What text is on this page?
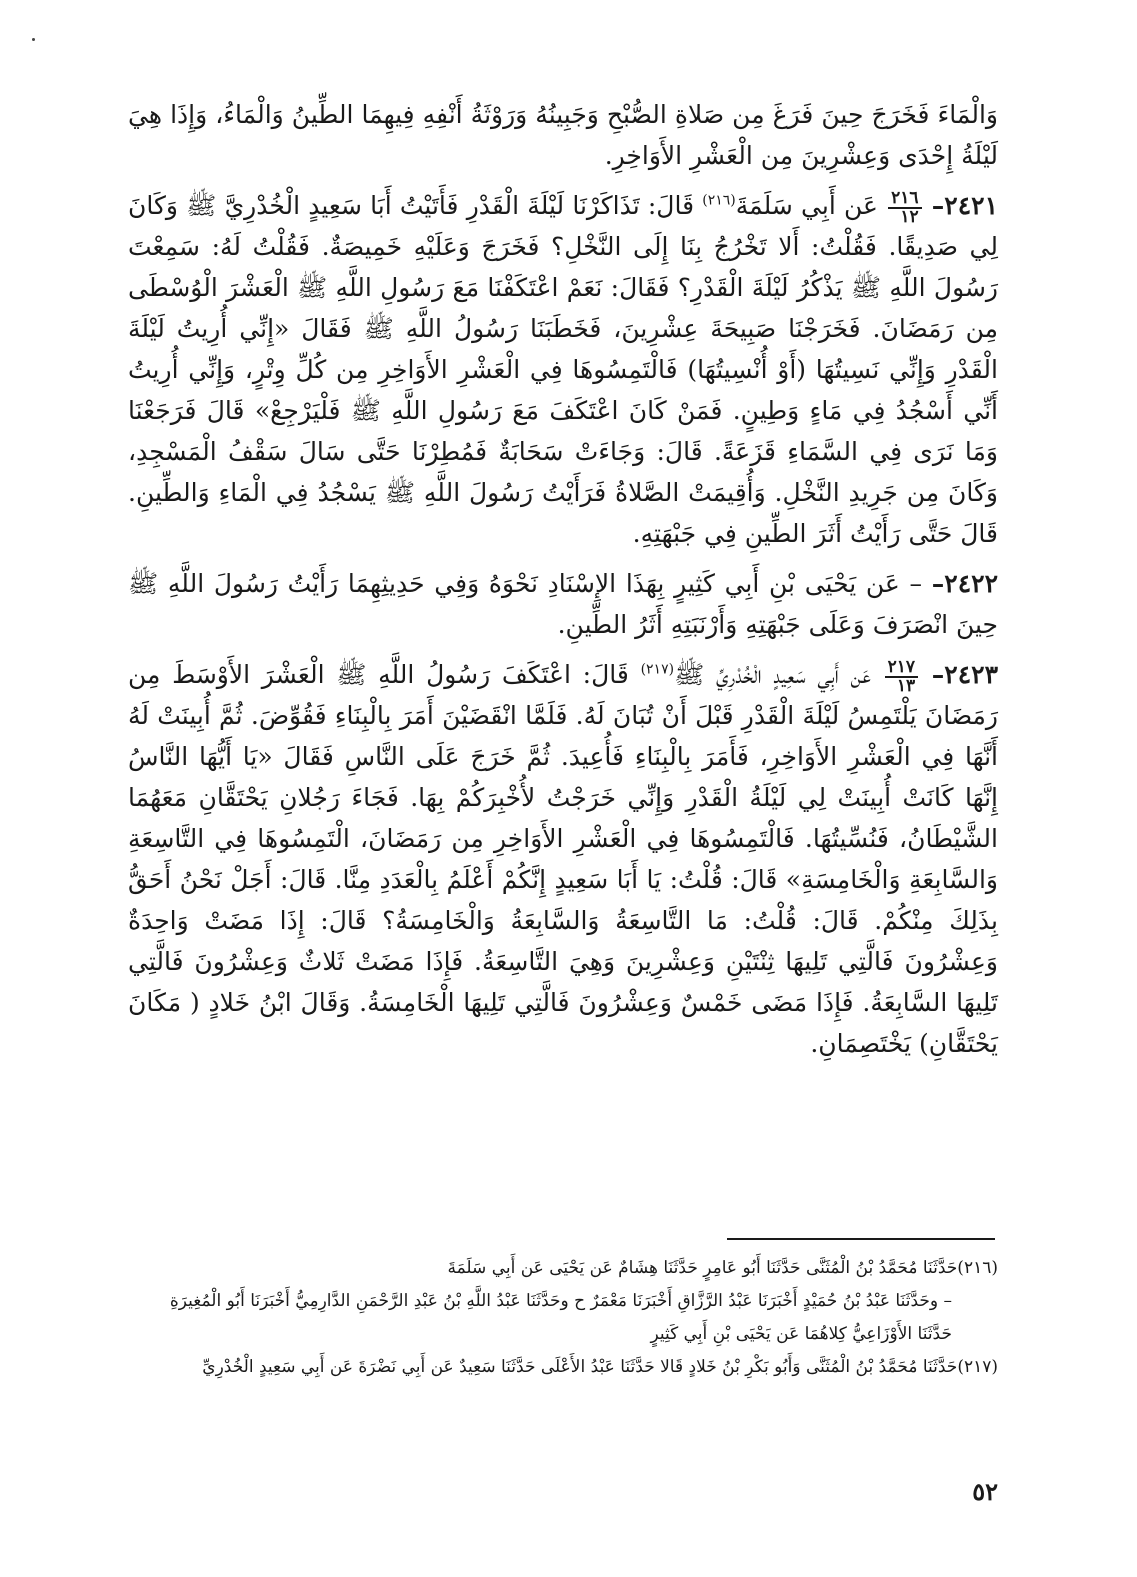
وَالْمَاءَ فَخَرَجَ حِينَ فَرَغَ مِن صَلاةِ الصُّبْحِ وَجَبِينُهُ وَرَوْثَةُ أَنْفِهِ فِيهِمَا الطِّينُ وَالْمَاءُ، وَإِذَا هِيَ لَيْلَةُ إِحْدَى وَعِشْرِينَ مِن الْعَشْرِ الأَوَاخِرِ.

٢٤٢١–
$\frac{٢١٦}{١٢}$
عَن أَبِي سَلَمَةَ$^{(٢١٦)}$ قَالَ: تَذَاكَرْنَا لَيْلَةَ الْقَدْرِ فَأَتَيْتُ أَبَا سَعِيدٍ الْخُدْرِيَّ ﷺ وَكَانَ لِي صَدِيقًا. فَقُلْتُ: أَلا تَخْرُجُ بِنَا إِلَى النَّخْلِ؟ فَخَرَجَ وَعَلَيْهِ خَمِيصَةٌ. فَقُلْتُ لَهُ: سَمِعْتَ رَسُولَ اللَّهِ ﷺ يَذْكُرُ لَيْلَةَ الْقَدْرِ؟ فَقَالَ: نَعَمْ اعْتَكَفْنَا مَعَ رَسُولِ اللَّهِ ﷺ الْعَشْرَ الْوُسْطَى مِن رَمَضَانَ. فَخَرَجْنَا صَبِيحَةَ عِشْرِينَ، فَخَطَبَنَا رَسُولُ اللَّهِ ﷺ فَقَالَ «إِنِّي أُرِيتُ لَيْلَةَ الْقَدْرِ وَإِنِّي نَسِيتُهَا (أَوْ أُنْسِيتُهَا) فَالْتَمِسُوهَا فِي الْعَشْرِ الأَوَاخِرِ مِن كُلِّ وِتْرٍ، وَإِنِّي أُرِيتُ أَنِّي أَسْجُدُ فِي مَاءٍ وَطِينٍ. فَمَنْ كَانَ اعْتَكَفَ مَعَ رَسُولِ اللَّهِ ﷺ فَلْيَرْجِعْ» قَالَ فَرَجَعْنَا وَمَا نَرَى فِي السَّمَاءِ قَزَعَةً. قَالَ: وَجَاءَتْ سَحَابَةٌ فَمُطِرْنَا حَتَّى سَالَ سَقْفُ الْمَسْجِدِ، وَكَانَ مِن جَرِيدِ النَّخْلِ. وَأُقِيمَتْ الصَّلاةُ فَرَأَيْتُ رَسُولَ اللَّهِ ﷺ يَسْجُدُ فِي الْمَاءِ وَالطِّينِ. قَالَ حَتَّى رَأَيْتُ أَثَرَ الطِّينِ فِي جَبْهَتِهِ.

٢٤٢٢– – عَن يَحْيَى بْنِ أَبِي كَثِيرٍ بِهَذَا الإِسْنَادِ نَحْوَهُ وَفِي حَدِيثِهِمَا رَأَيْتُ رَسُولَ اللَّهِ ﷺ حِينَ انْصَرَفَ وَعَلَى جَبْهَتِهِ وَأَرْنَبَتِهِ أَثَرُ الطِّينِ.

٢٤٢٣–
$\frac{٢١٧}{١٣}$
عَن أَبِي سَعِيدٍ الْخُدْرِيِّ ﷺ$^{(٢١٧)}$ قَالَ: اعْتَكَفَ رَسُولُ اللَّهِ ﷺ الْعَشْرَ الأَوْسَطَ مِن رَمَضَانَ يَلْتَمِسُ لَيْلَةَ الْقَدْرِ قَبْلَ أَنْ تُبَانَ لَهُ. فَلَمَّا انْقَضَيْنَ أَمَرَ بِالْبِنَاءِ فَقُوِّضَ. ثُمَّ أُبِينَتْ لَهُ أَنَّهَا فِي الْعَشْرِ الأَوَاخِرِ، فَأَمَرَ بِالْبِنَاءِ فَأُعِيدَ. ثُمَّ خَرَجَ عَلَى النَّاسِ فَقَالَ «يَا أَيُّهَا النَّاسُ إِنَّهَا كَانَتْ أُبِينَتْ لِي لَيْلَةُ الْقَدْرِ وَإِنِّي خَرَجْتُ لأُخْبِرَكُمْ بِهَا. فَجَاءَ رَجُلانِ يَحْتَقَّانِ مَعَهُمَا الشَّيْطَانُ، فَنُسِّيتُهَا. فَالْتَمِسُوهَا فِي الْعَشْرِ الأَوَاخِرِ مِن رَمَضَانَ، الْتَمِسُوهَا فِي التَّاسِعَةِ وَالسَّابِعَةِ وَالْخَامِسَةِ» قَالَ: قُلْتُ: يَا أَبَا سَعِيدٍ إِنَّكُمْ أَعْلَمُ بِالْعَدَدِ مِنَّا. قَالَ: أَجَلْ نَحْنُ أَحَقُّ بِذَلِكَ مِنْكُمْ. قَالَ: قُلْتُ: مَا التَّاسِعَةُ وَالسَّابِعَةُ وَالْخَامِسَةُ؟ قَالَ: إِذَا مَضَتْ وَاحِدَةٌ وَعِشْرُونَ فَالَّتِي تَلِيهَا ثِنْتَيْنِ وَعِشْرِينَ وَهِيَ التَّاسِعَةُ. فَإِذَا مَضَتْ ثَلاثٌ وَعِشْرُونَ فَالَّتِي تَلِيهَا السَّابِعَةُ. فَإِذَا مَضَى خَمْسٌ وَعِشْرُونَ فَالَّتِي تَلِيهَا الْخَامِسَةُ. وَقَالَ ابْنُ خَلادٍ ( مَكَانَ يَحْتَقَّانِ) يَخْتَصِمَانِ.

(٢١٦)حَدَّثَنَا مُحَمَّدُ بْنُ الْمُثَنَّى حَدَّثَنَا أَبُو عَامِرٍ حَدَّثَنَا هِشَامٌ عَن يَحْيَى عَن أَبِي سَلَمَةَ

– وحَدَّثَنَا عَبْدُ بْنُ حُمَيْدٍ أَخْبَرَنَا عَبْدُ الرَّزَّاقِ أَخْبَرَنَا مَعْمَرٌ ح وحَدَّثَنَا عَبْدُ اللَّهِ بْنُ عَبْدِ الرَّحْمَنِ الدَّارِمِيُّ أَخْبَرَنَا أَبُو الْمُغِيرَةِ

حَدَّثَنَا الأَوْزَاعِيُّ كِلاهُمَا عَن يَحْيَى بْنِ أَبِي كَثِيرٍ

(٢١٧)حَدَّثَنَا مُحَمَّدُ بْنُ الْمُثَنَّى وَأَبُو بَكْرِ بْنُ خَلادٍ قَالا حَدَّثَنَا عَبْدُ الأَعْلَى حَدَّثَنَا سَعِيدٌ عَن أَبِي نَضْرَةَ عَن أَبِي سَعِيدٍ الْخُدْرِيِّ

٥٢
